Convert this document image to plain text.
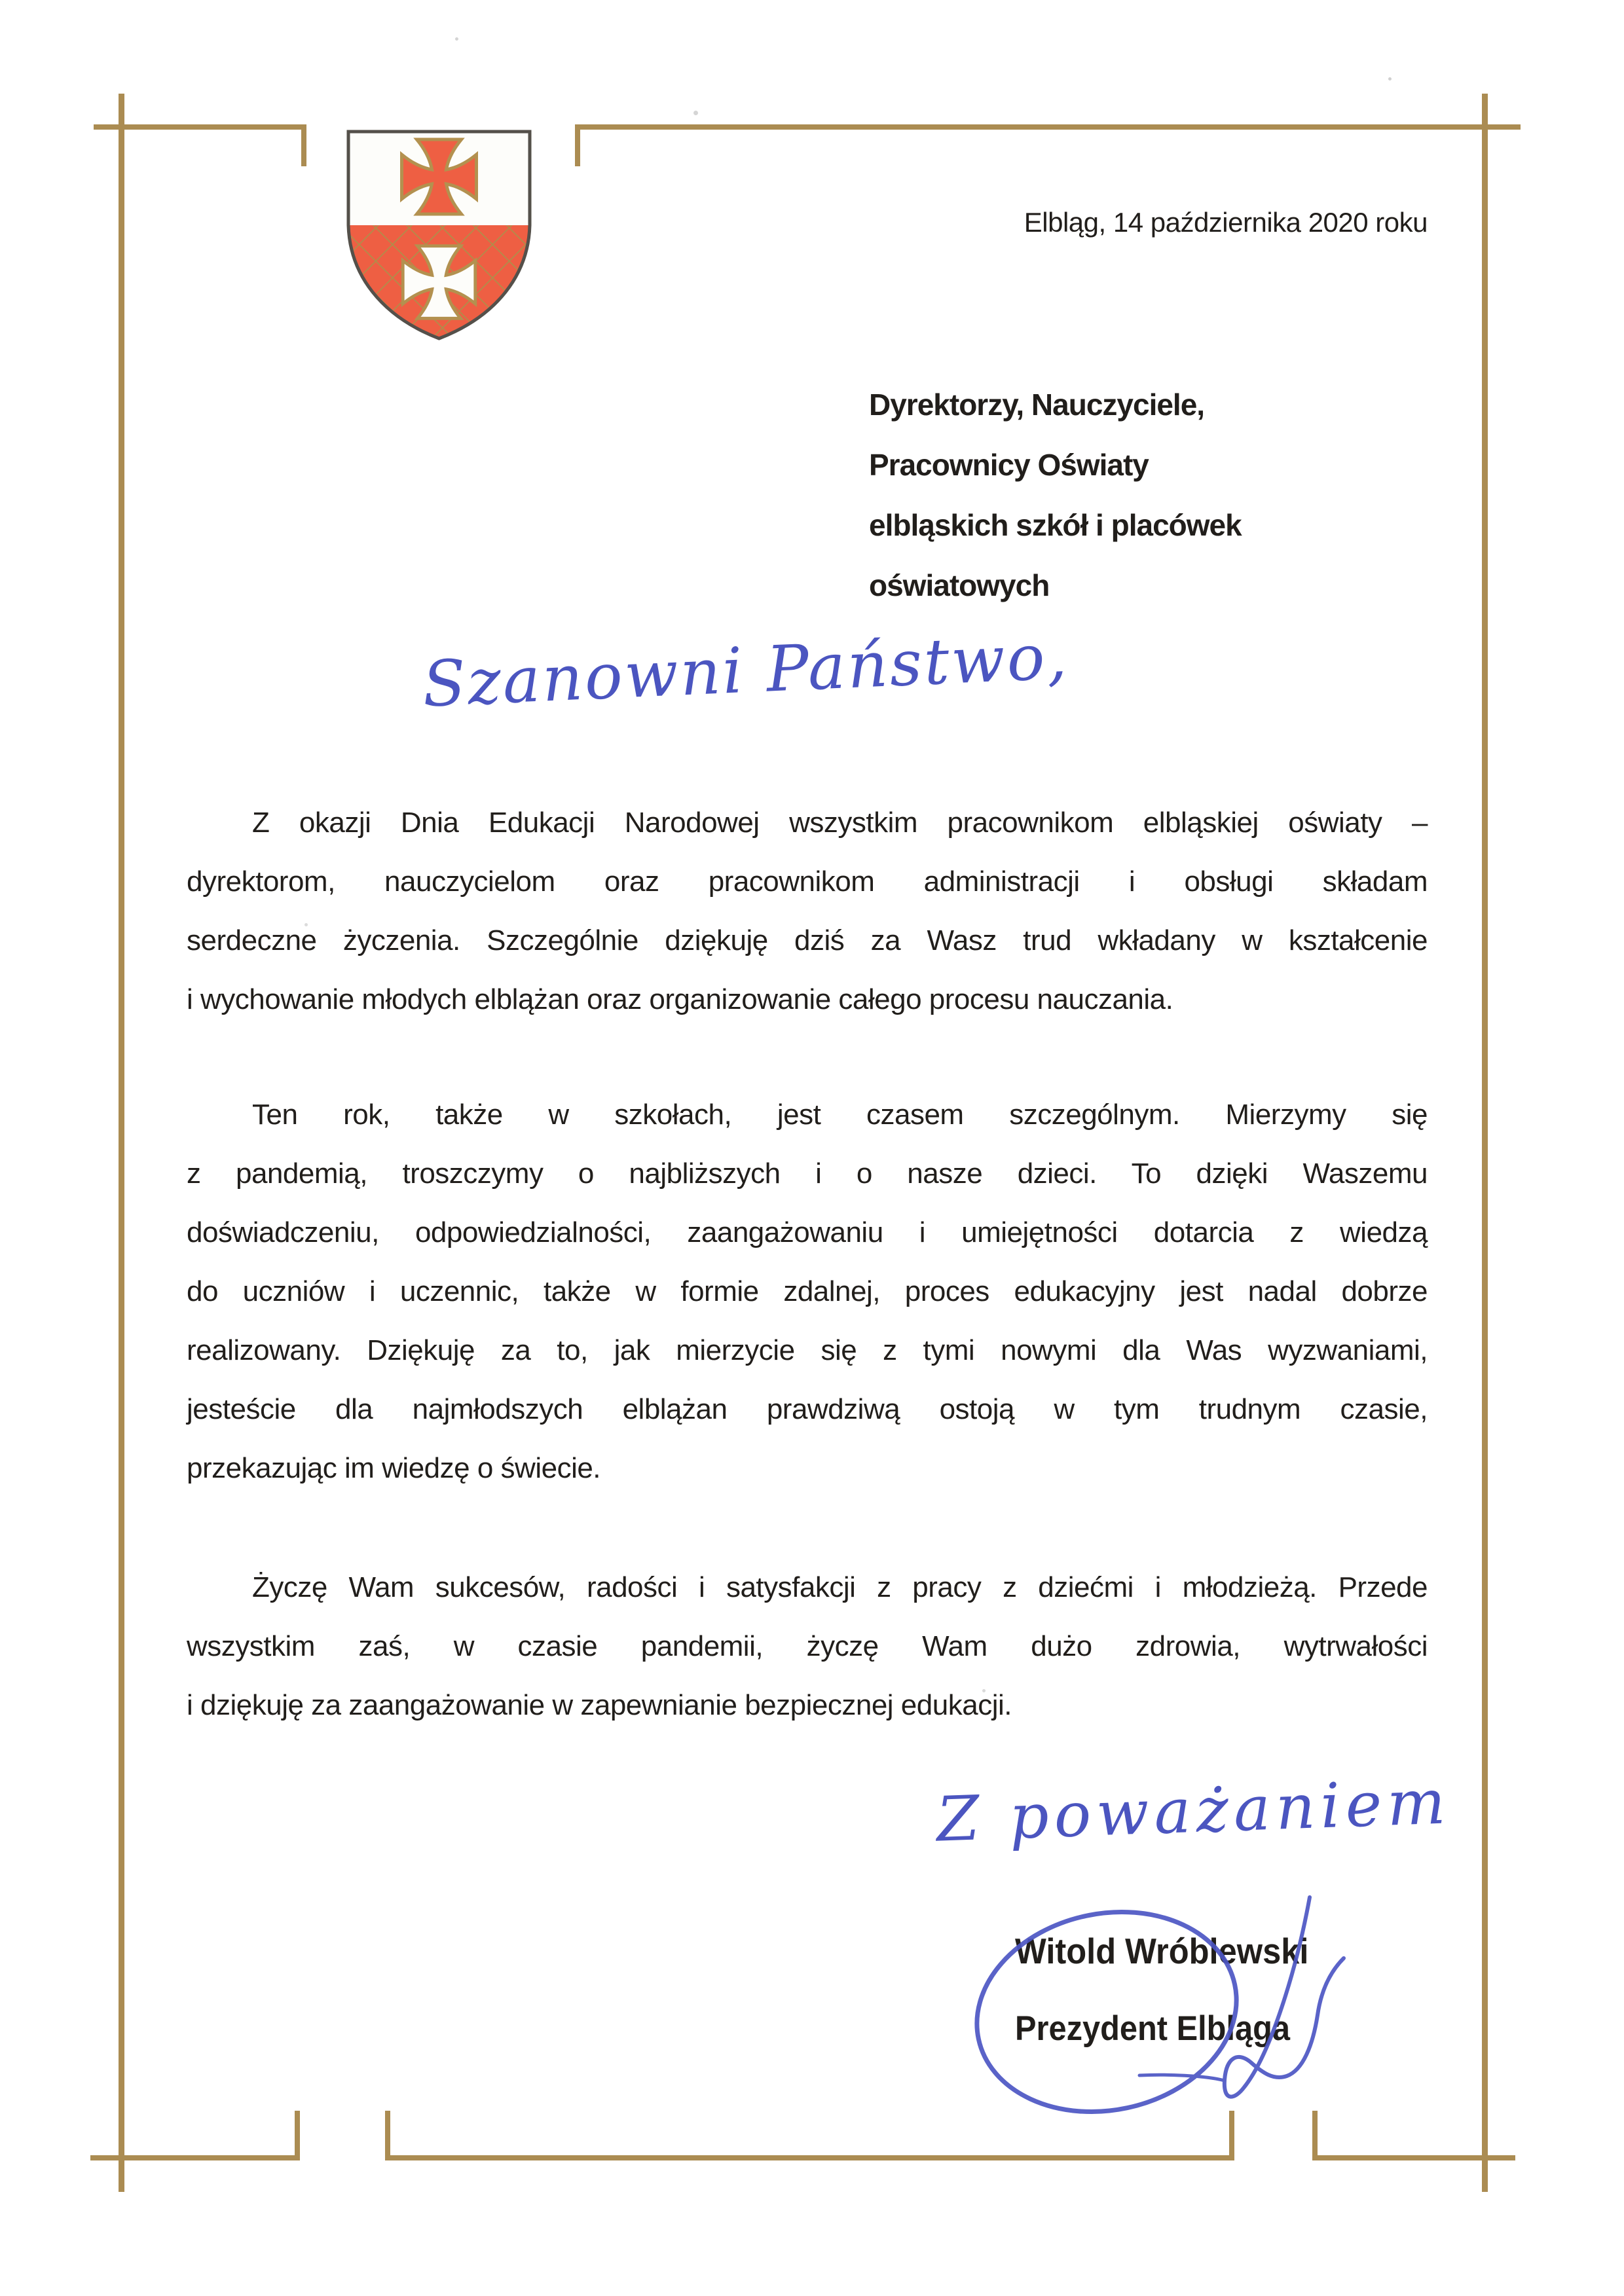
Elbląg, 14 października 2020 roku
Dyrektorzy, Nauczyciele,
Pracownicy Oświaty
elbląskich szkół i placówek
oświatowych
Szanowni Państwo,
Z okazji Dnia Edukacji Narodowej wszystkim pracownikom elbląskiej oświaty –
dyrektorom, nauczycielom oraz pracownikom administracji i obsługi składam
serdeczne życzenia. Szczególnie dziękuję dziś za Wasz trud wkładany w kształcenie
i wychowanie młodych elblążan oraz organizowanie całego procesu nauczania.
Ten rok, także w szkołach, jest czasem szczególnym. Mierzymy się
z pandemią, troszczymy o najbliższych i o nasze dzieci. To dzięki Waszemu
doświadczeniu, odpowiedzialności, zaangażowaniu i umiejętności dotarcia z wiedzą
do uczniów i uczennic, także w formie zdalnej, proces edukacyjny jest nadal dobrze
realizowany. Dziękuję za to, jak mierzycie się z tymi nowymi dla Was wyzwaniami,
jesteście dla najmłodszych elblążan prawdziwą ostoją w tym trudnym czasie,
przekazując im wiedzę o świecie.
Życzę Wam sukcesów, radości i satysfakcji z pracy z dziećmi i młodzieżą. Przede
wszystkim zaś, w czasie pandemii, życzę Wam dużo zdrowia, wytrwałości
i dziękuję za zaangażowanie w zapewnianie bezpiecznej edukacji.
Z poważaniem
Witold Wróblewski
Prezydent Elbląga
